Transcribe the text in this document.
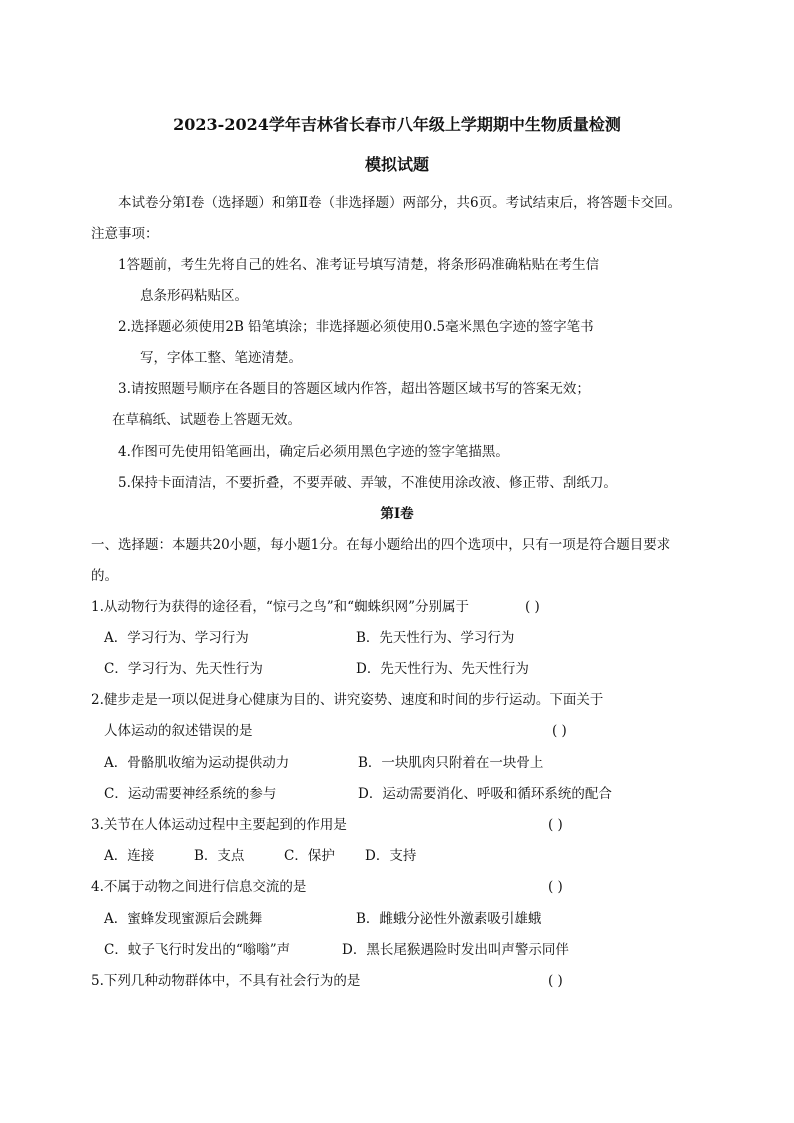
2023-2024学年吉林省长春市八年级上学期期中生物质量检测
模拟试题
本试卷分第Ⅰ卷（选择题）和第Ⅱ卷（非选择题）两部分，共6页。考试结束后，将答题卡交回。
注意事项：
1答题前，考生先将自己的姓名、准考证号填写清楚，将条形码准确粘贴在考生信
息条形码粘贴区。
2.选择题必须使用2B 铅笔填涂；非选择题必须使用0.5毫米黑色字迹的签字笔书
写，字体工整、笔迹清楚。
3.请按照题号顺序在各题目的答题区域内作答，超出答题区域书写的答案无效；
在草稿纸、试题卷上答题无效。
4.作图可先使用铅笔画出，确定后必须用黑色字迹的签字笔描黑。
5.保持卡面清洁，不要折叠，不要弄破、弄皱，不准使用涂改液、修正带、刮纸刀。
第Ⅰ卷
一、选择题：本题共20小题，每小题1分。在每小题给出的四个选项中，只有一项是符合题目要求
的。
1.从动物行为获得的途径看，“惊弓之鸟”和“蜘蛛织网”分别属于	( )
A．学习行为、学习行为	B．先天性行为、学习行为
C．学习行为、先天性行为	D．先天性行为、先天性行为
2.健步走是一项以促进身心健康为目的、讲究姿势、速度和时间的步行运动。下面关于
人体运动的叙述错误的是	( )
A．骨骼肌收缩为运动提供动力	B．一块肌肉只附着在一块骨上
C．运动需要神经系统的参与	D．运动需要消化、呼吸和循环系统的配合
3.关节在人体运动过程中主要起到的作用是	( )
A．连接	B．支点	C．保护 D．支持
4.不属于动物之间进行信息交流的是	( )
A．蜜蜂发现蜜源后会跳舞	B．雌蛾分泌性外激素吸引雄蛾
C．蚊子飞行时发出的“嗡嗡”声	D．黑长尾猴遇险时发出叫声警示同伴
5.下列几种动物群体中，不具有社会行为的是	( )
